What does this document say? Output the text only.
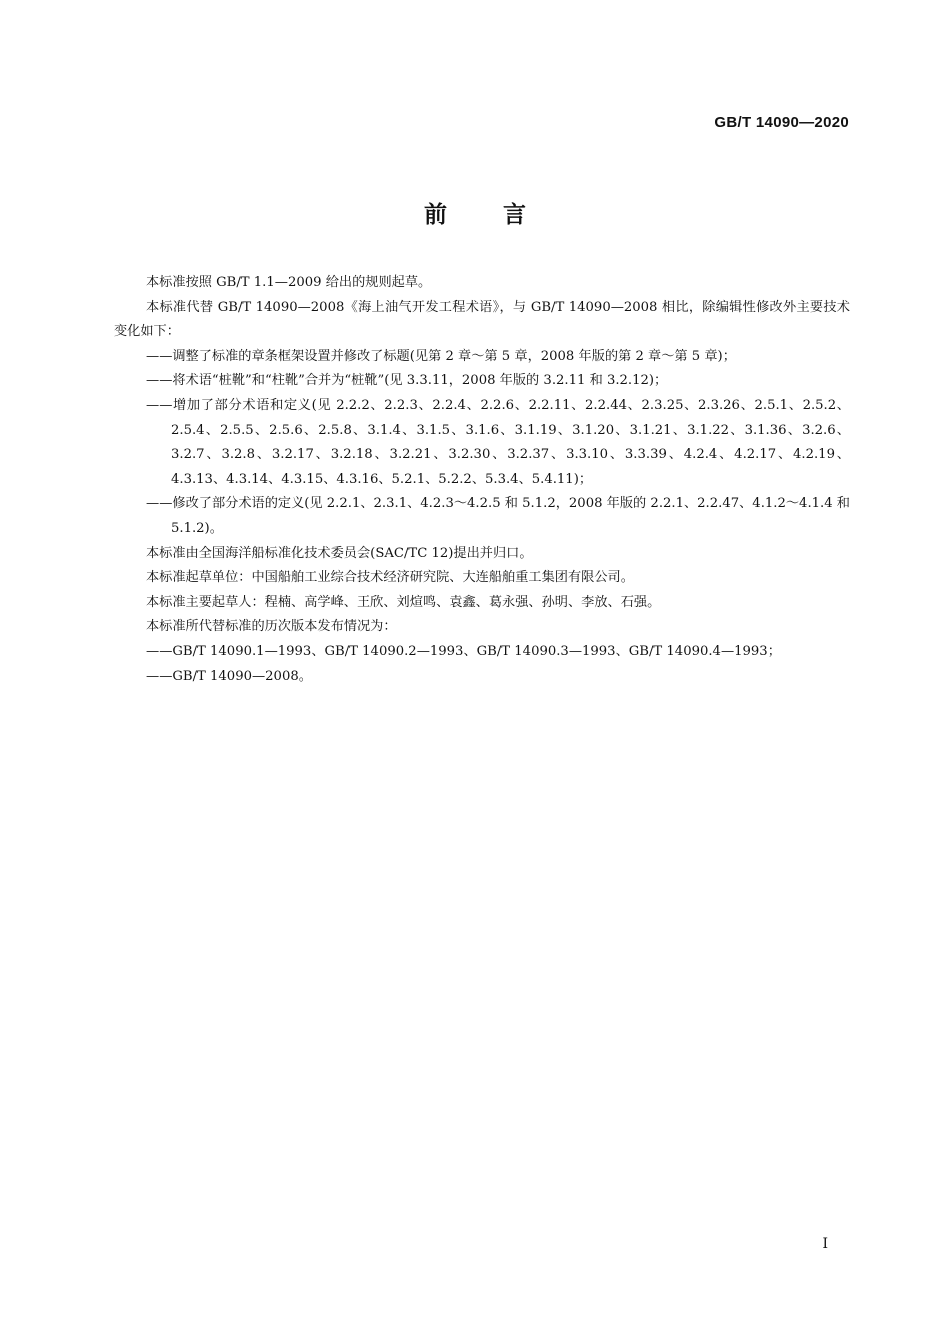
GB/T 14090—2020
前 言

本标准按照 GB/T 1.1—2009 给出的规则起草。

本标准代替 GB/T 14090—2008《海上油气开发工程术语》，与 GB/T 14090—2008 相比，除编辑性修改外主要技术变化如下：

——调整了标准的章条框架设置并修改了标题(见第 2 章～第 5 章，2008 年版的第 2 章～第 5 章)；

——将术语“桩靴”和“柱靴”合并为“桩靴”(见 3.3.11，2008 年版的 3.2.11 和 3.2.12)；

——增加了部分术语和定义(见 2.2.2、2.2.3、2.2.4、2.2.6、2.2.11、2.2.44、2.3.25、2.3.26、2.5.1、2.5.2、2.5.4、2.5.5、2.5.6、2.5.8、3.1.4、3.1.5、3.1.6、3.1.19、3.1.20、3.1.21、3.1.22、3.1.36、3.2.6、3.2.7、3.2.8、3.2.17、3.2.18、3.2.21、3.2.30、3.2.37、3.3.10、3.3.39、4.2.4、4.2.17、4.2.19、4.3.13、4.3.14、4.3.15、4.3.16、5.2.1、5.2.2、5.3.4、5.4.11)；

——修改了部分术语的定义(见 2.2.1、2.3.1、4.2.3～4.2.5 和 5.1.2，2008 年版的 2.2.1、2.2.47、4.1.2～4.1.4 和 5.1.2)。

本标准由全国海洋船标准化技术委员会(SAC/TC 12)提出并归口。

本标准起草单位：中国船舶工业综合技术经济研究院、大连船舶重工集团有限公司。

本标准主要起草人：程楠、高学峰、王欣、刘煊鸣、袁鑫、葛永强、孙明、李放、石强。

本标准所代替标准的历次版本发布情况为：

——GB/T 14090.1—1993、GB/T 14090.2—1993、GB/T 14090.3—1993、GB/T 14090.4—1993；

——GB/T 14090—2008。

I
